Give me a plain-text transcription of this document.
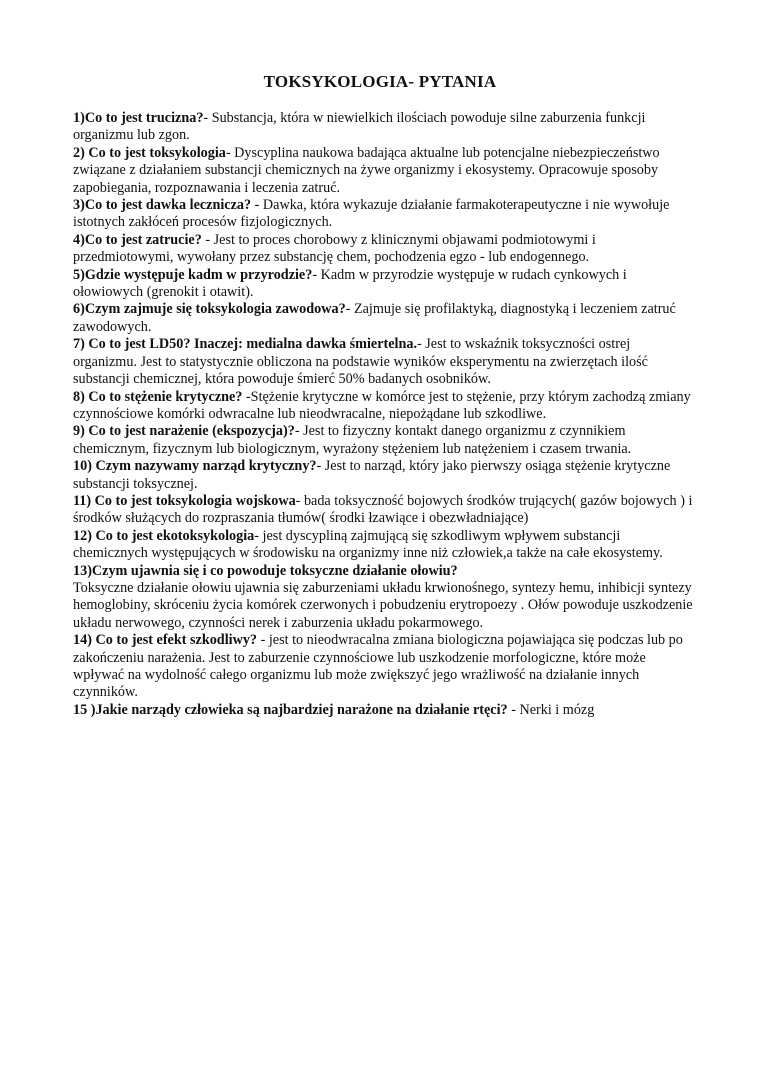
TOKSYKOLOGIA- PYTANIA

1)Co to jest trucizna?- Substancja, która w niewielkich ilościach powoduje silne zaburzenia funkcji organizmu lub zgon.

2) Co to jest toksykologia- Dyscyplina naukowa badająca aktualne lub potencjalne niebezpieczeństwo związane z działaniem substancji chemicznych na żywe organizmy i ekosystemy. Opracowuje sposoby zapobiegania, rozpoznawania i leczenia zatruć.

3)Co to jest dawka lecznicza? - Dawka, która wykazuje działanie farmakoterapeutyczne i nie wywołuje istotnych zakłóceń procesów fizjologicznych.

4)Co to jest zatrucie? - Jest to proces chorobowy z klinicznymi objawami podmiotowymi i przedmiotowymi, wywołany przez substancję chem, pochodzenia egzo - lub endogennego.

5)Gdzie występuje kadm w przyrodzie?- Kadm w przyrodzie występuje w rudach cynkowych i ołowiowych (grenokit i otawit).

6)Czym zajmuje się toksykologia zawodowa?- Zajmuje się profilaktyką, diagnostyką i leczeniem zatruć zawodowych.

7) Co to jest LD50? Inaczej: medialna dawka śmiertelna.- Jest to wskaźnik toksyczności ostrej organizmu. Jest to statystycznie obliczona na podstawie wyników eksperymentu na zwierzętach ilość substancji chemicznej, która powoduje śmierć 50% badanych osobników.

8) Co to stężenie krytyczne? -Stężenie krytyczne w komórce jest to stężenie, przy którym zachodzą zmiany czynnościowe komórki odwracalne lub nieodwracalne, niepożądane lub szkodliwe.

9) Co to jest narażenie (ekspozycja)?- Jest to fizyczny kontakt danego organizmu z czynnikiem chemicznym, fizycznym lub biologicznym, wyrażony stężeniem lub natężeniem i czasem trwania.

10) Czym nazywamy narząd krytyczny?- Jest to narząd, który jako pierwszy osiąga stężenie krytyczne substancji toksycznej.

11) Co to jest toksykologia wojskowa- bada toksyczność bojowych środków trujących( gazów bojowych ) i środków służących do rozpraszania tłumów( środki łzawiące i obezwładniające)

12) Co to jest ekotoksykologia- jest dyscypliną zajmującą się szkodliwym wpływem substancji chemicznych występujących w środowisku na organizmy inne niż człowiek,a także na całe ekosystemy.

13)Czym ujawnia się i co powoduje toksyczne działanie ołowiu?
Toksyczne działanie ołowiu ujawnia się zaburzeniami układu krwionośnego, syntezy hemu, inhibicji syntezy hemoglobiny, skróceniu życia komórek czerwonych i pobudzeniu erytropoezy . Ołów powoduje uszkodzenie układu nerwowego, czynności nerek i zaburzenia układu pokarmowego.

14) Co to jest efekt szkodliwy? - jest to nieodwracalna zmiana biologiczna pojawiająca się podczas lub po zakończeniu narażenia. Jest to zaburzenie czynnościowe lub uszkodzenie morfologiczne, które może wpływać na wydolność całego organizmu lub może zwiększyć jego wrażliwość na działanie innych czynników.

15 )Jakie narządy człowieka są najbardziej narażone na działanie rtęci? - Nerki i mózg
